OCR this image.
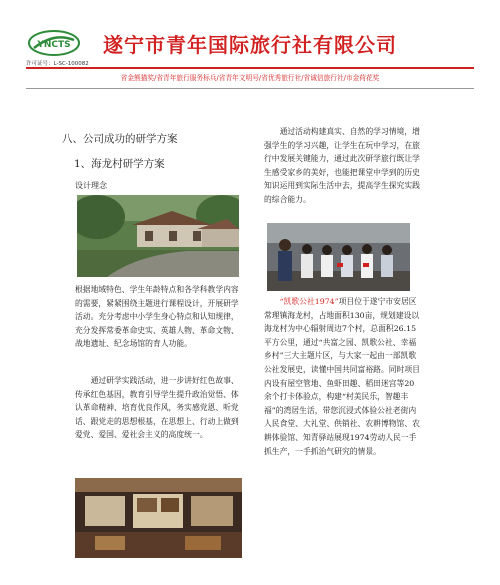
YNCTS 遂宁市青年国际旅行社有限公司
许可证号：L-SC-100082
省金熊猫奖/省青年旅行服务标兵/省青年文明号/省优秀旅行社/省诚信旅行社/市金荷花奖
八、公司成功的研学方案
1、海龙村研学方案
设计理念
根据地域特色、学生年龄特点和各学科教学内容的需要，紧紧围绕主题进行课程设计，开展研学活动。充分考虑中小学生身心特点和认知规律，充分发挥常委革命史实、英雄人物、革命文物、战地遗址、纪念场馆的育人功能。
通过研学实践活动，进一步讲好红色故事、传承红色基因，教育引导学生提升政治觉悟、体认革命精神、培育优良作风，务实感党恩、听党话、跟党走的思想根基，在思想上、行动上做到爱党、爱国、爱社会主义的高度统一。
通过活动构建真实、自然的学习情境，增强学生的学习兴趣，让学生在玩中学习，在旅行中发展关键能力，通过此次研学旅行既让学生感受家乡的美好，也能把课堂中学到的历史知识运用到实际生活中去，提高学生探究实践的综合能力。
“凯歌公社1974”项目位于遂宁市安居区常理镇海龙村，占地面积130亩，规划建设以海龙村为中心辐射周边7个村，总面积26.15平方公里，通过“共富之园、凯歌公社、幸福乡村”三大主题片区，与大家一起由一部凯歌公社发展史，读懂中国共同富裕路。同时项目内设有屋空管地、鱼虾田趣、稻田迷宫等20余个打卡体验点，构建“村美民乐，智趣丰福”的湾居生活，带您沉浸式体验公社老街内人民食堂、大礼堂、供销社、农耕博物馆、农耕体验馆、知青驿站展现1974劳动人民一手抓生产，一手抓治气研究的情景。
